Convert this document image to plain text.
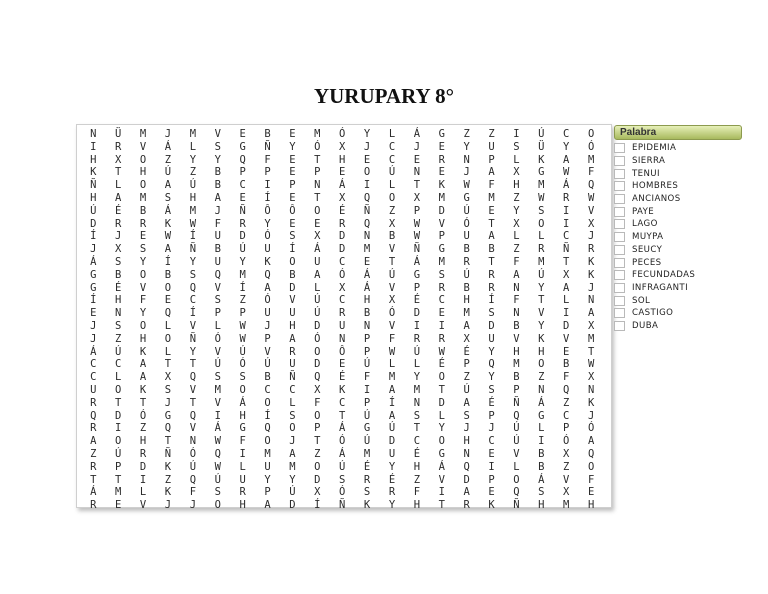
YURUPARY 8°
N	Ü	M	J	M	V	E	B	E	M	Ó	Y	L	Á	G	Z	Z	I	Ú	C	O
I	R	V	Á	L	S	G	Ñ	Y	Ó	X	J	C	J	E	Y	U	S	Ü	Y	Ó
H	X	O	Z	Y	Y	Q	F	E	T	H	E	C	E	R	N	P	L	K	A	M
K	T	H	Ú	Z	B	P	P	E	P	E	O	Ú	N	E	J	A	X	G	W	F
Ñ	L	O	A	Ú	B	C	I	P	N	Á	I	L	T	K	W	F	H	M	Á	Q
H	A	M	S	H	A	E	Í	E	T	X	Q	O	X	M	G	M	Z	W	R	W
Ú	É	B	Á	M	J	Ñ	Ô	Ô	O	É	Ñ	Z	P	D	Ú	E	Y	S	I	V
D	R	R	K	W	F	R	Y	E	E	R	Q	X	W	V	Ó	T	X	O	I	X
Í	J	E	W	Í	U	D	Ó	S	X	D	N	B	W	P	U	A	L	L	C	J
J	X	S	A	Ñ	B	Ú	U	Í	Á	D	M	V	Ñ	G	B	B	Z	R	Ñ	R
Á	S	Y	Í	Y	U	Y	K	O	U	C	E	T	Á	M	R	T	F	M	T	K
G	B	O	B	S	Q	M	Q	B	A	Ó	Á	Ú	G	S	Ú	R	A	Ú	X	K
G	É	V	O	Q	V	Í	A	D	L	X	Á	V	P	R	B	R	N	Y	A	J
Í	H	F	E	C	S	Z	Ó	V	Ú	C	H	X	É	C	H	Í	F	T	L	N
E	N	Y	Q	Í	P	P	U	U	Ú	R	B	Ó	D	E	M	S	N	V	I	A
J	S	O	L	V	L	W	J	H	D	U	N	V	I	I	A	D	B	Y	D	X
J	Z	H	O	Ñ	Ó	W	P	A	Ó	N	P	F	R	R	X	U	V	K	V	M
Á	Ú	K	L	Y	V	Ú	V	R	O	Ô	P	W	Ú	W	É	Y	H	H	E	T
C	C	A	T	T	Ú	Ó	Ú	U	D	E	Ú	L	L	É	P	Q	M	O	B	W
C	L	A	X	Q	S	S	B	Ñ	Q	É	F	M	Y	O	Z	Y	B	Z	F	X
U	O	K	S	V	M	O	C	C	X	K	I	A	M	T	Ú	S	P	N	Q	N
R	T	T	J	T	V	Á	O	L	F	C	P	Í	N	D	A	É	Ñ	Á	Z	K
Q	D	Ó	G	Q	I	H	Í	S	O	T	Ú	A	S	L	S	P	Q	G	C	J
R	I	Z	Q	V	Á	G	Q	O	P	Á	G	Ú	T	Y	J	J	Ú	L	P	Ó
A	O	H	T	N	W	F	O	J	T	Ó	Ú	D	C	O	H	C	Ú	I	Ó	A
Z	Ú	R	Ñ	Ó	Q	I	M	A	Z	Á	M	U	É	G	N	E	V	B	X	Q
R	P	D	K	Ú	W	L	U	M	O	Ú	É	Y	H	Á	Q	I	L	B	Z	O
T	T	I	Z	Q	Ú	U	Y	Y	D	S	R	É	Z	V	D	P	O	Á	V	F
Á	M	L	K	F	S	R	P	Ú	X	Ó	S	R	F	I	A	E	Q	S	X	E
R	E	V	J	J	O	H	A	D	Í	Ñ	K	Y	H	T	R	K	Ñ	H	M	H
Palabra
EPIDEMIA
SIERRA
TENUI
HOMBRES
ANCIANOS
PAYE
LAGO
MUYPA
SEUCY
PECES
FECUNDADAS
INFRAGANTI
SOL
CASTIGO
DUBA
